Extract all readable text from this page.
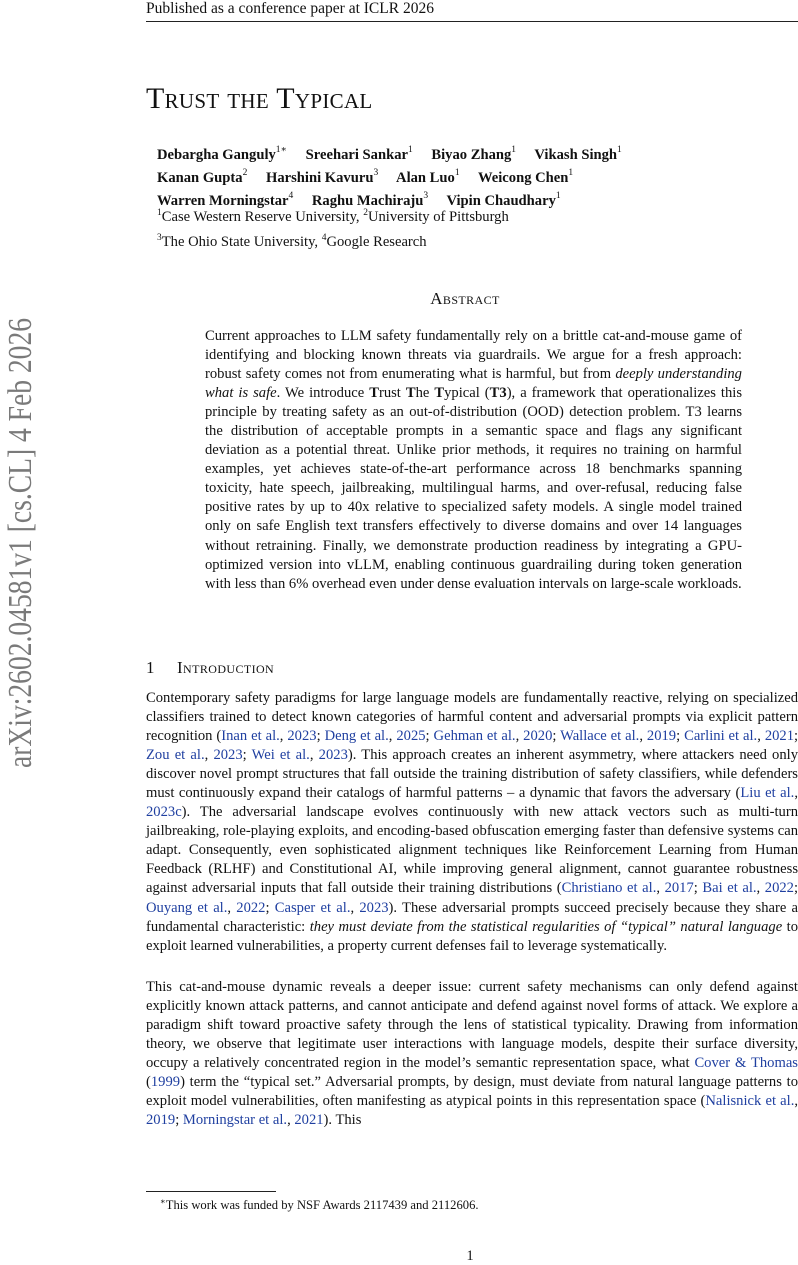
Published as a conference paper at ICLR 2026
arXiv:2602.04581v1 [cs.CL] 4 Feb 2026
Trust the Typical
Debargha Ganguly$^{1∗}$ Sreehari Sankar$^1$ Biyao Zhang$^1$ Vikash Singh$^1$
Kanan Gupta$^2$ Harshini Kavuru$^3$ Alan Luo$^1$ Weicong Chen$^1$
Warren Morningstar$^4$ Raghu Machiraju$^3$ Vipin Chaudhary$^1$
$^1$Case Western Reserve University, $^2$University of Pittsburgh
$^3$The Ohio State University, $^4$Google Research
Abstract
Current approaches to LLM safety fundamentally rely on a brittle cat-and-mouse game of identifying and blocking known threats via guardrails. We argue for a fresh approach: robust safety comes not from enumerating what is harmful, but from deeply understanding what is safe. We introduce Trust The Typical (T3), a framework that operationalizes this principle by treating safety as an out-of-distribution (OOD) detection problem. T3 learns the distribution of acceptable prompts in a semantic space and flags any significant deviation as a potential threat. Unlike prior methods, it requires no training on harmful examples, yet achieves state-of-the-art performance across 18 benchmarks spanning toxicity, hate speech, jailbreaking, multilingual harms, and over-refusal, reducing false positive rates by up to 40x relative to specialized safety models. A single model trained only on safe English text transfers effectively to diverse domains and over 14 languages without retraining. Finally, we demonstrate production readiness by integrating a GPU-optimized version into vLLM, enabling continuous guardrailing during token generation with less than 6% overhead even under dense evaluation intervals on large-scale workloads.
1 Introduction
Contemporary safety paradigms for large language models are fundamentally reactive, relying on specialized classifiers trained to detect known categories of harmful content and adversarial prompts via explicit pattern recognition (Inan et al., 2023; Deng et al., 2025; Gehman et al., 2020; Wallace et al., 2019; Carlini et al., 2021; Zou et al., 2023; Wei et al., 2023). This approach creates an inherent asymmetry, where attackers need only discover novel prompt structures that fall outside the training distribution of safety classifiers, while defenders must continuously expand their catalogs of harmful patterns – a dynamic that favors the adversary (Liu et al., 2023c). The adversarial landscape evolves continuously with new attack vectors such as multi-turn jailbreaking, role-playing exploits, and encoding-based obfuscation emerging faster than defensive systems can adapt. Consequently, even sophisticated alignment techniques like Reinforcement Learning from Human Feedback (RLHF) and Constitutional AI, while improving general alignment, cannot guarantee robustness against adversarial inputs that fall outside their training distributions (Christiano et al., 2017; Bai et al., 2022; Ouyang et al., 2022; Casper et al., 2023). These adversarial prompts succeed precisely because they share a fundamental characteristic: they must deviate from the statistical regularities of “typical” natural language to exploit learned vulnerabilities, a property current defenses fail to leverage systematically.
This cat-and-mouse dynamic reveals a deeper issue: current safety mechanisms can only defend against explicitly known attack patterns, and cannot anticipate and defend against novel forms of attack. We explore a paradigm shift toward proactive safety through the lens of statistical typicality. Drawing from information theory, we observe that legitimate user interactions with language models, despite their surface diversity, occupy a relatively concentrated region in the model’s semantic representation space, what Cover & Thomas (1999) term the “typical set.” Adversarial prompts, by design, must deviate from natural language patterns to exploit model vulnerabilities, often manifesting as atypical points in this representation space (Nalisnick et al., 2019; Morningstar et al., 2021). This
∗This work was funded by NSF Awards 2117439 and 2112606.
1
